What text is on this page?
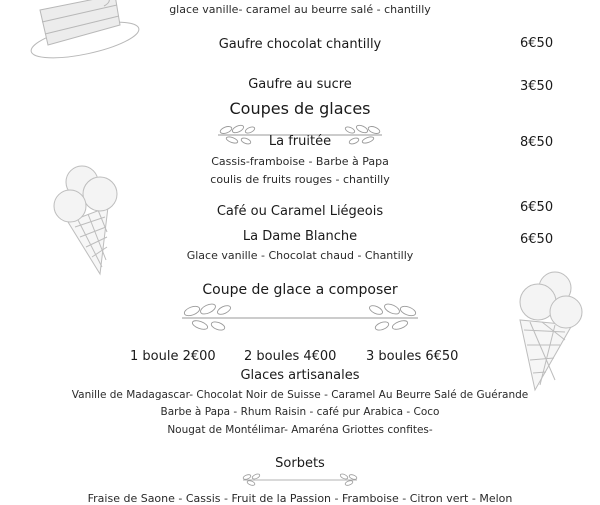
glace vanille- caramel au beurre salé - chantilly
Gaufre chocolat chantilly	6€50
Gaufre au sucre	3€50
Coupes de glaces
La fruitée	8€50
Cassis-framboise - Barbe à Papa
coulis de fruits rouges - chantilly
Café ou Caramel Liégeois	6€50
La Dame Blanche	6€50
Glace vanille - Chocolat chaud - Chantilly
Coupe de glace a composer
1 boule 2€00 2 boules 4€00 3 boules 6€50
Glaces artisanales
Vanille de Madagascar- Chocolat Noir de Suisse - Caramel Au Beurre Salé de Guérande
Barbe à Papa - Rhum Raisin - café pur Arabica - Coco
Nougat de Montélimar- Amaréna Griottes confites-
Sorbets
Fraise de Saone - Cassis - Fruit de la Passion - Framboise - Citron vert - Melon
